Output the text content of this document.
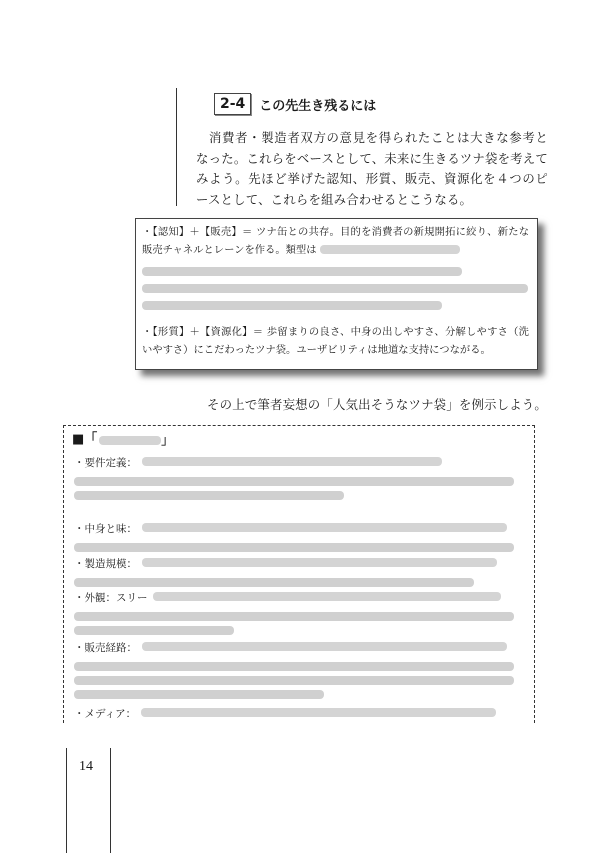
2-4	この先生き残るには

消費者・製造者双方の意見を得られたことは大きな参考となった。これらをベースとして、未来に生きるツナ袋を考えてみよう。先ほど挙げた認知、形質、販売、資源化を４つのピースとして、これらを組み合わせるとこうなる。

・【認知】＋【販売】＝ ツナ缶との共存。目的を消費者の新規開拓に絞り、新たな販売チャネルとレーンを作る。類型は

・【形質】＋【資源化】＝ 歩留まりの良さ、中身の出しやすさ、分解しやすさ（洗いやすさ）にこだわったツナ袋。ユーザビリティは地道な支持につながる。

その上で筆者妄想の「人気出そうなツナ袋」を例示しよう。

■「	」
・要件定義：
・中身と味：
・製造規模：
・外観：スリー
・販売経路：
・メディア：
14
